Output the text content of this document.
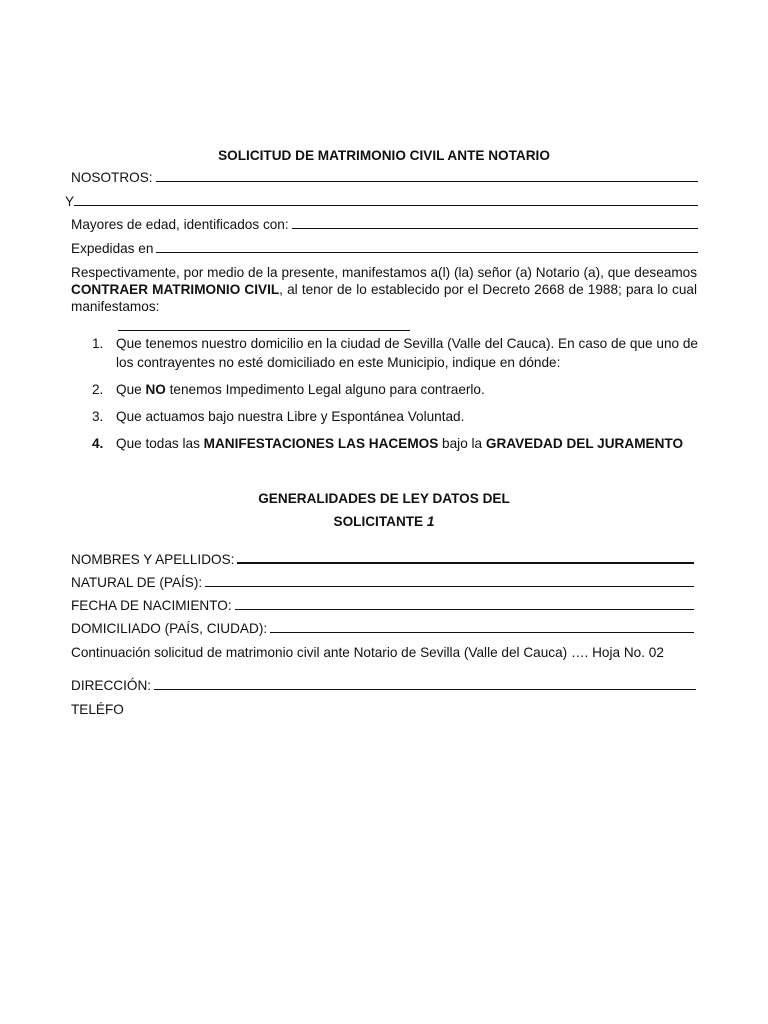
SOLICITUD DE MATRIMONIO CIVIL ANTE NOTARIO
NOSOTROS:
Y
Mayores de edad, identificados con:
Expedidas en
Respectivamente, por medio de la presente, manifestamos a(l) (la) señor (a) Notario (a), que deseamos CONTRAER MATRIMONIO CIVIL, al tenor de lo establecido por el Decreto 2668 de 1988; para lo cual manifestamos:
1. Que tenemos nuestro domicilio en la ciudad de Sevilla (Valle del Cauca). En caso de que uno de los contrayentes no esté domiciliado en este Municipio, indique en dónde:
2. Que NO tenemos Impedimento Legal alguno para contraerlo.
3. Que actuamos bajo nuestra Libre y Espontánea Voluntad.
4. Que todas las MANIFESTACIONES LAS HACEMOS bajo la GRAVEDAD DEL JURAMENTO
GENERALIDADES DE LEY DATOS DEL
SOLICITANTE 1
NOMBRES Y APELLIDOS:
NATURAL DE (PAÍS):
FECHA DE NACIMIENTO:
DOMICILIADO (PAÍS, CIUDAD):
Continuación solicitud de matrimonio civil ante Notario de Sevilla (Valle del Cauca) …. Hoja No. 02
DIRECCIÓN:
TELÉFO
